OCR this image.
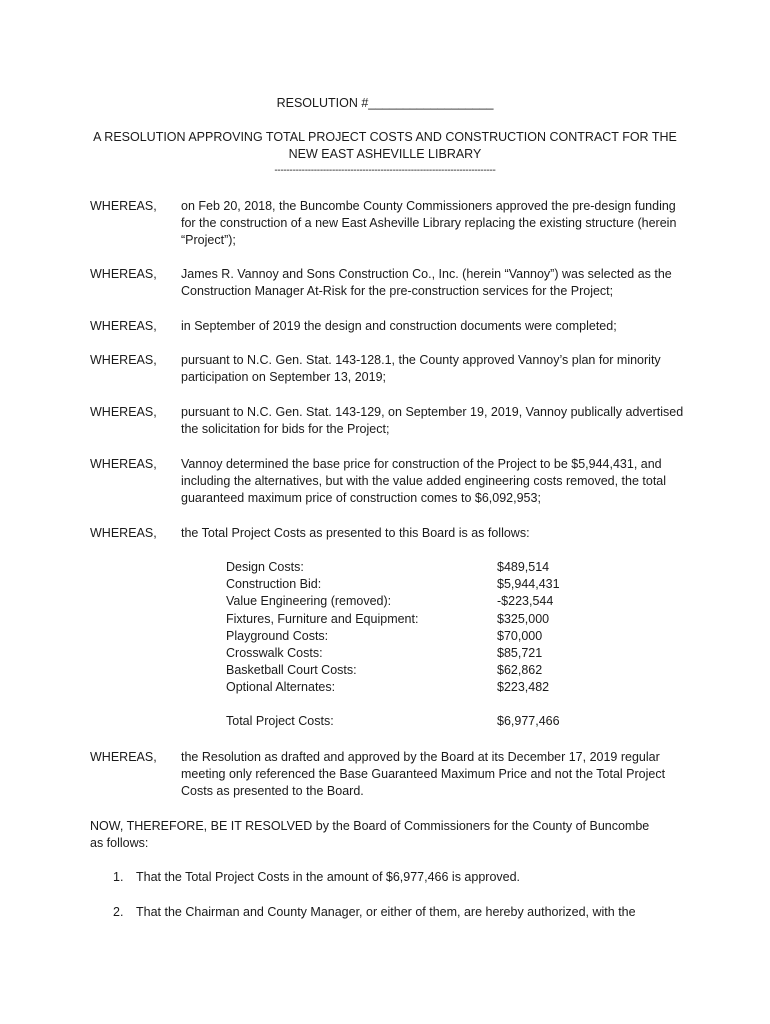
RESOLUTION #__________________
A RESOLUTION APPROVING TOTAL PROJECT COSTS AND CONSTRUCTION CONTRACT FOR THE
NEW EAST ASHEVILLE LIBRARY
-------------------------------------------------------------------------
WHEREAS, on Feb 20, 2018, the Buncombe County Commissioners approved the pre-design funding for the construction of a new East Asheville Library replacing the existing structure (herein “Project”);
WHEREAS, James R. Vannoy and Sons Construction Co., Inc. (herein “Vannoy”) was selected as the Construction Manager At-Risk for the pre-construction services for the Project;
WHEREAS, in September of 2019 the design and construction documents were completed;
WHEREAS, pursuant to N.C. Gen. Stat. 143-128.1, the County approved Vannoy’s plan for minority participation on September 13, 2019;
WHEREAS, pursuant to N.C. Gen. Stat. 143-129, on September 19, 2019, Vannoy publically advertised the solicitation for bids for the Project;
WHEREAS, Vannoy determined the base price for construction of the Project to be $5,944,431, and including the alternatives, but with the value added engineering costs removed, the total guaranteed maximum price of construction comes to $6,092,953;
WHEREAS, the Total Project Costs as presented to this Board is as follows:
Design Costs:	$489,514
Construction Bid:	$5,944,431
Value Engineering (removed):	-$223,544
Fixtures, Furniture and Equipment:	$325,000
Playground Costs:	$70,000
Crosswalk Costs:	$85,721
Basketball Court Costs:	$62,862
Optional Alternates:	$223,482
Total Project Costs:	$6,977,466
WHEREAS, the Resolution as drafted and approved by the Board at its December 17, 2019 regular meeting only referenced the Base Guaranteed Maximum Price and not the Total Project Costs as presented to the Board.
NOW, THEREFORE, BE IT RESOLVED by the Board of Commissioners for the County of Buncombe as follows:
1. That the Total Project Costs in the amount of $6,977,466 is approved.
2. That the Chairman and County Manager, or either of them, are hereby authorized, with the
